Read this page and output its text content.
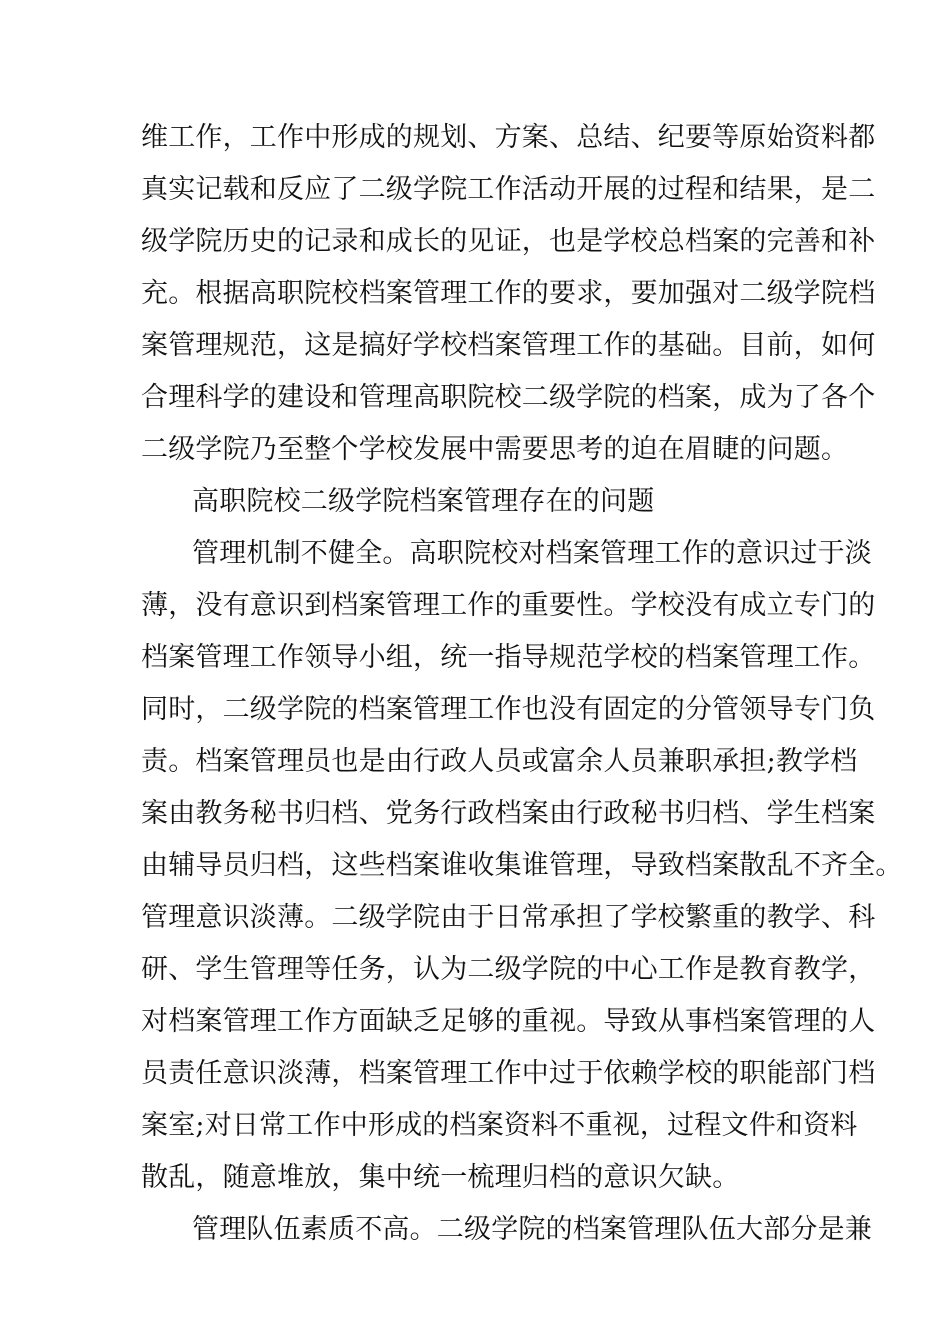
维工作，工作中形成的规划、方案、总结、纪要等原始资料都
真实记载和反应了二级学院工作活动开展的过程和结果，是二
级学院历史的记录和成长的见证，也是学校总档案的完善和补
充。根据高职院校档案管理工作的要求，要加强对二级学院档
案管理规范，这是搞好学校档案管理工作的基础。目前，如何
合理科学的建设和管理高职院校二级学院的档案，成为了各个
二级学院乃至整个学校发展中需要思考的迫在眉睫的问题。
高职院校二级学院档案管理存在的问题
管理机制不健全。高职院校对档案管理工作的意识过于淡
薄，没有意识到档案管理工作的重要性。学校没有成立专门的
档案管理工作领导小组，统一指导规范学校的档案管理工作。
同时，二级学院的档案管理工作也没有固定的分管领导专门负
责。档案管理员也是由行政人员或富余人员兼职承担;教学档
案由教务秘书归档、党务行政档案由行政秘书归档、学生档案
由辅导员归档，这些档案谁收集谁管理，导致档案散乱不齐全。
管理意识淡薄。二级学院由于日常承担了学校繁重的教学、科
研、学生管理等任务，认为二级学院的中心工作是教育教学，
对档案管理工作方面缺乏足够的重视。导致从事档案管理的人
员责任意识淡薄，档案管理工作中过于依赖学校的职能部门档
案室;对日常工作中形成的档案资料不重视，过程文件和资料
散乱，随意堆放，集中统一梳理归档的意识欠缺。
管理队伍素质不高。二级学院的档案管理队伍大部分是兼
